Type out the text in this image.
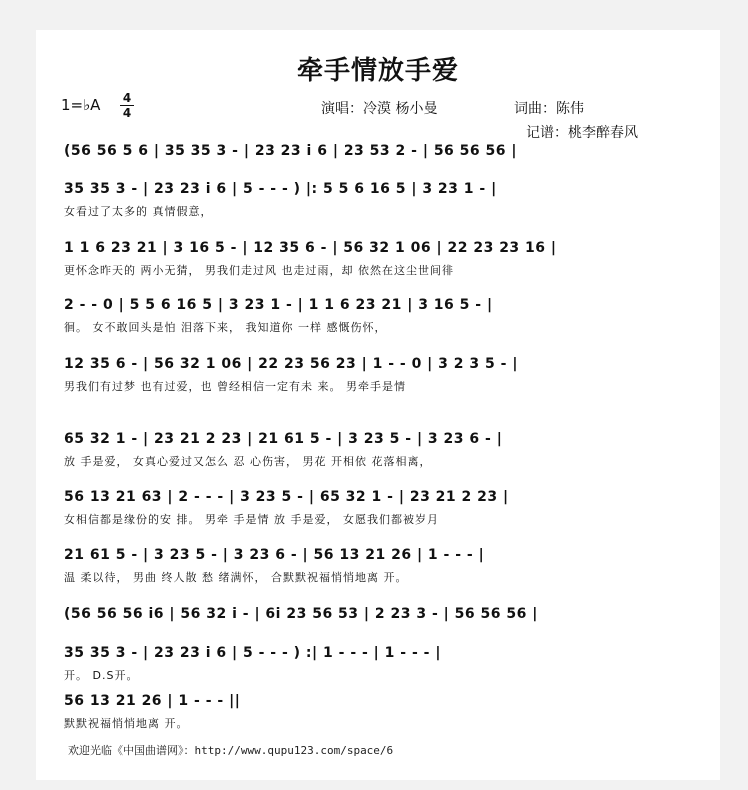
牵手情放手爱
1=♭A 4
4	演唱：冷漠 杨小曼	词曲：陈伟
记谱：桃李醉春风
(56 56 5 6 | 35 35 3 - | 23 23 i 6 | 23 53 2 - | 56 56 56 |
35 35 3 - | 23 23 i 6 | 5 - - - ) |: 5 5 6 16 5 | 3 23 1 - |
女看过了太多的 真情假意，
1 1 6 23 21 | 3 16 5 - | 12 35 6 - | 56 32 1 06 | 22 23 23 16 |
更怀念昨天的 两小无猜， 男我们走过风 也走过雨，却 依然在这尘世间徘
2 - - 0 | 5 5 6 16 5 | 3 23 1 - | 1 1 6 23 21 | 3 16 5 - |
徊。 女不敢回头是怕 泪落下来， 我知道你 一样 感慨伤怀，
12 35 6 - | 56 32 1 06 | 22 23 56 23 | 1 - - 0 | 3 2 3 5 - |
男我们有过梦 也有过爱，也 曾经相信一定有未 来。 男牵手是情
65 32 1 - | 23 21 2 23 | 21 61 5 - | 3 23 5 - | 3 23 6 - |
放 手是爱， 女真心爱过又怎么 忍 心伤害， 男花 开相依 花落相离，
56 13 21 63 | 2 - - - | 3 23 5 - | 65 32 1 - | 23 21 2 23 |
女相信都是缘份的安 排。 男牵 手是情 放 手是爱， 女愿我们都被岁月
21 61 5 - | 3 23 5 - | 3 23 6 - | 56 13 21 26 | 1 - - - |
温 柔以待， 男曲 终人散 愁 绪满怀， 合默默祝福悄悄地离 开。
(56 56 56 i6 | 56 32 i - | 6i 23 56 53 | 2 23 3 - | 56 56 56 |
35 35 3 - | 23 23 i 6 | 5 - - - ) :| 1 - - - | 1 - - - |
开。 D.S开。
56 13 21 26 | 1 - - - ||
默默祝福悄悄地离 开。
欢迎光临《中国曲谱网》：http://www.qupu123.com/space/6
